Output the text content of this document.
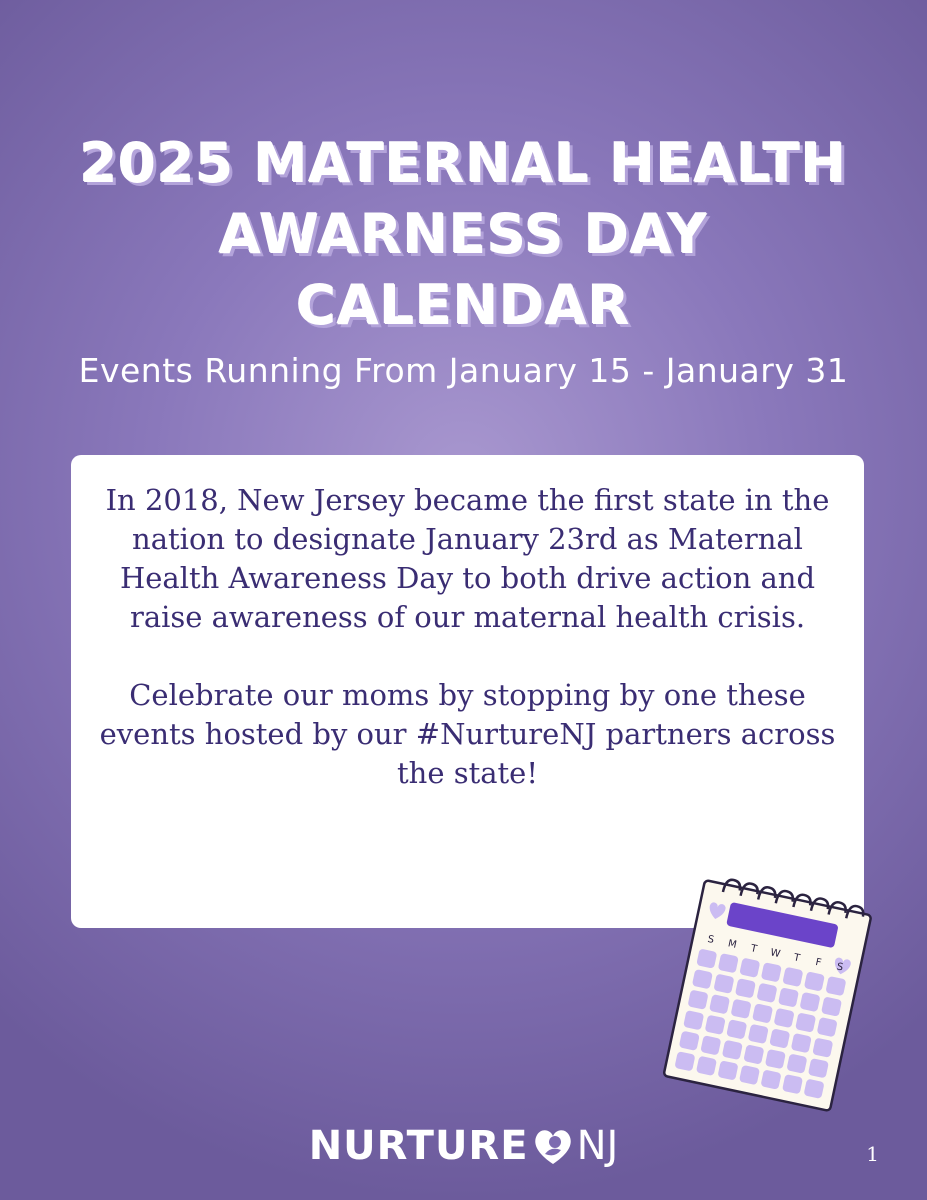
2025 MATERNAL HEALTH
AWARNESS DAY
CALENDAR

Events Running From January 15 - January 31

In 2018, New Jersey became the first state in the nation to designate January 23rd as Maternal Health Awareness Day to both drive action and raise awareness of our maternal health crisis.

Celebrate our moms by stopping by one these events hosted by our #NurtureNJ partners across the state!

S M T W T F S
NURTURE NJ	1
